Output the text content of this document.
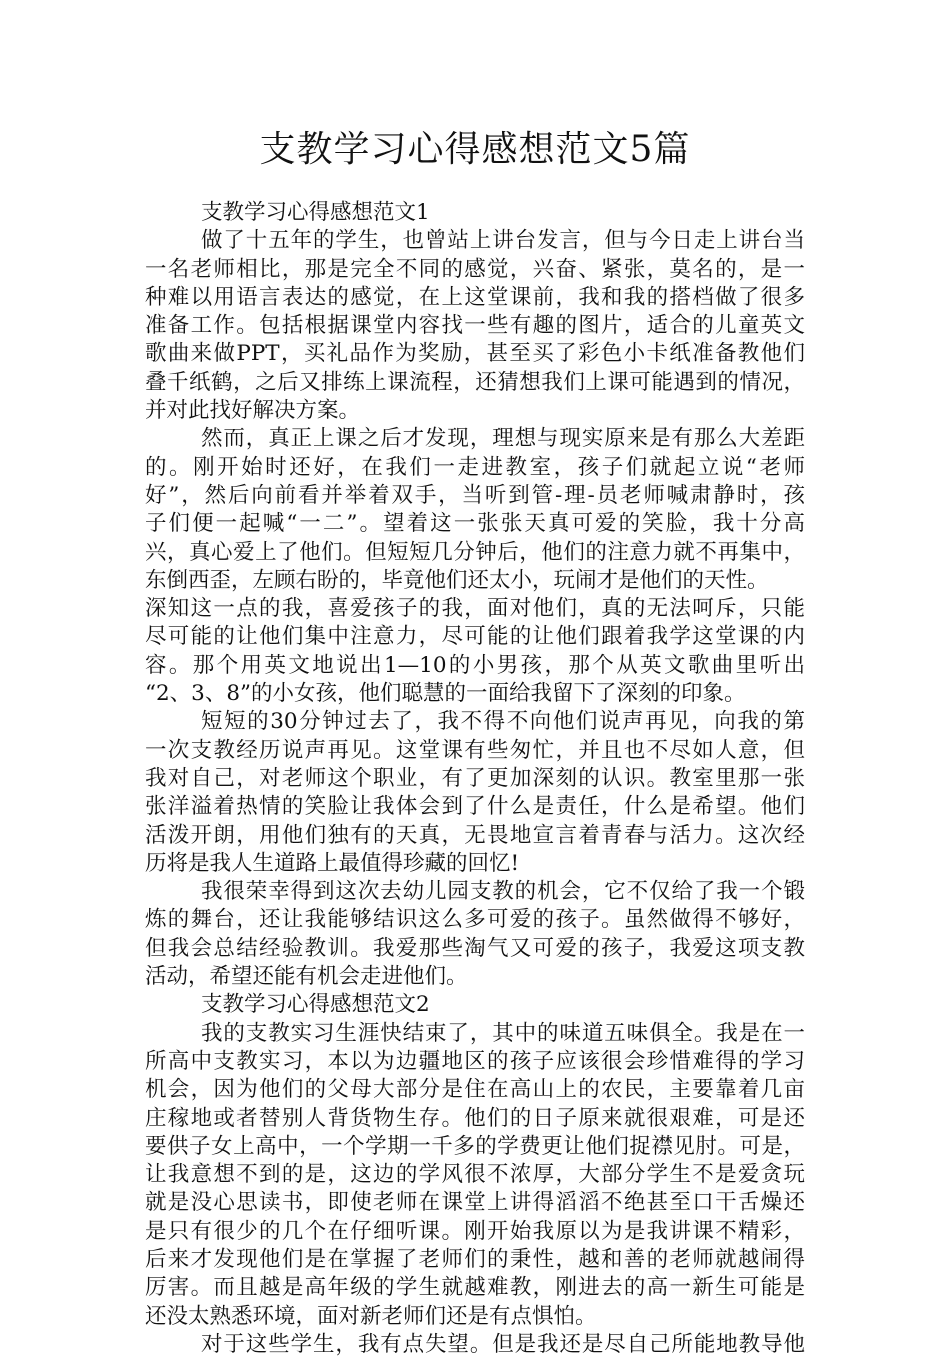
支教学习心得感想范文5篇
支教学习心得感想范文1
做了十五年的学生，也曾站上讲台发言，但与今日走上讲台当
一名老师相比，那是完全不同的感觉，兴奋、紧张，莫名的，是一
种难以用语言表达的感觉，在上这堂课前，我和我的搭档做了很多
准备工作。包括根据课堂内容找一些有趣的图片，适合的儿童英文
歌曲来做PPT，买礼品作为奖励，甚至买了彩色小卡纸准备教他们
叠千纸鹤，之后又排练上课流程，还猜想我们上课可能遇到的情况，
并对此找好解决方案。
然而，真正上课之后才发现，理想与现实原来是有那么大差距
的。刚开始时还好，在我们一走进教室，孩子们就起立说“老师
好”，然后向前看并举着双手，当听到管-理-员老师喊肃静时，孩
子们便一起喊“一二”。望着这一张张天真可爱的笑脸，我十分高
兴，真心爱上了他们。但短短几分钟后，他们的注意力就不再集中，
东倒西歪，左顾右盼的，毕竟他们还太小，玩闹才是他们的天性。
深知这一点的我，喜爱孩子的我，面对他们，真的无法呵斥，只能
尽可能的让他们集中注意力，尽可能的让他们跟着我学这堂课的内
容。那个用英文地说出1—10的小男孩，那个从英文歌曲里听出
“2、3、8”的小女孩，他们聪慧的一面给我留下了深刻的印象。
短短的30分钟过去了，我不得不向他们说声再见，向我的第
一次支教经历说声再见。这堂课有些匆忙，并且也不尽如人意，但
我对自己，对老师这个职业，有了更加深刻的认识。教室里那一张
张洋溢着热情的笑脸让我体会到了什么是责任，什么是希望。他们
活泼开朗，用他们独有的天真，无畏地宣言着青春与活力。这次经
历将是我人生道路上最值得珍藏的回忆!
我很荣幸得到这次去幼儿园支教的机会，它不仅给了我一个锻
炼的舞台，还让我能够结识这么多可爱的孩子。虽然做得不够好，
但我会总结经验教训。我爱那些淘气又可爱的孩子，我爱这项支教
活动，希望还能有机会走进他们。
支教学习心得感想范文2
我的支教实习生涯快结束了，其中的味道五味俱全。我是在一
所高中支教实习，本以为边疆地区的孩子应该很会珍惜难得的学习
机会，因为他们的父母大部分是住在高山上的农民，主要靠着几亩
庄稼地或者替别人背货物生存。他们的日子原来就很艰难，可是还
要供子女上高中，一个学期一千多的学费更让他们捉襟见肘。可是，
让我意想不到的是，这边的学风很不浓厚，大部分学生不是爱贪玩
就是没心思读书，即使老师在课堂上讲得滔滔不绝甚至口干舌燥还
是只有很少的几个在仔细听课。刚开始我原以为是我讲课不精彩，
后来才发现他们是在掌握了老师们的秉性，越和善的老师就越闹得
厉害。而且越是高年级的学生就越难教，刚进去的高一新生可能是
还没太熟悉环境，面对新老师们还是有点惧怕。
对于这些学生，我有点失望。但是我还是尽自己所能地教导他
